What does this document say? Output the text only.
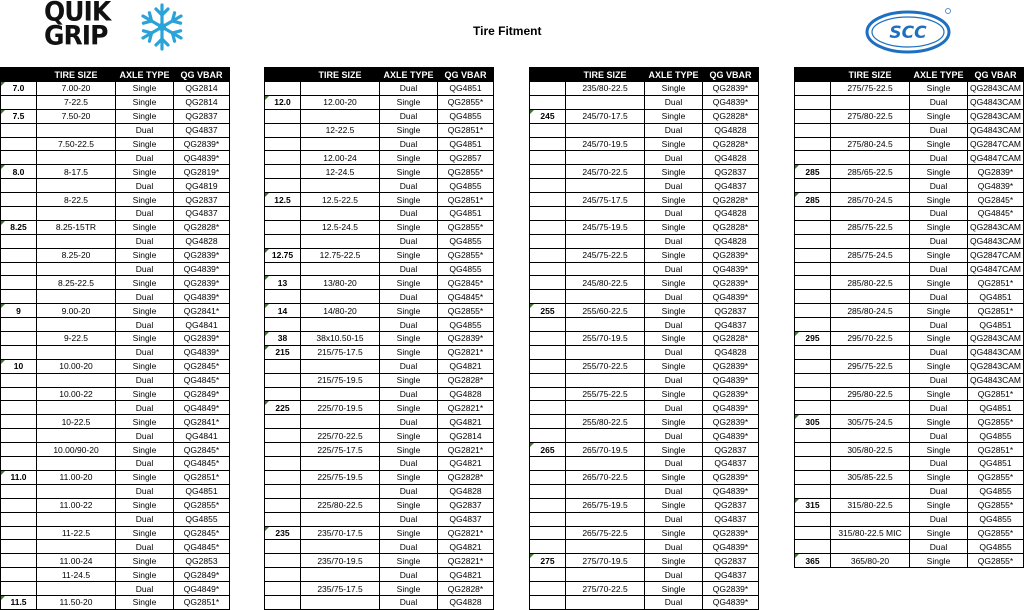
QUIK
GRIP	Tire Fitment	SCC
	TIRE SIZE	AXLE TYPE	QG VBAR
7.0	7.00-20	Single	QG2814
	7-22.5	Single	QG2814
7.5	7.50-20	Single	QG2837
		Dual	QG4837
	7.50-22.5	Single	QG2839*
		Dual	QG4839*
8.0	8-17.5	Single	QG2819*
		Dual	QG4819
	8-22.5	Single	QG2837
		Dual	QG4837
8.25	8.25-15TR	Single	QG2828*
		Dual	QG4828
	8.25-20	Single	QG2839*
		Dual	QG4839*
	8.25-22.5	Single	QG2839*
		Dual	QG4839*
9	9.00-20	Single	QG2841*
		Dual	QG4841
	9-22.5	Single	QG2839*
		Dual	QG4839*
10	10.00-20	Single	QG2845*
		Dual	QG4845*
	10.00-22	Single	QG2849*
		Dual	QG4849*
	10-22.5	Single	QG2841*
		Dual	QG4841
	10.00/90-20	Single	QG2845*
		Dual	QG4845*
11.0	11.00-20	Single	QG2851*
		Dual	QG4851
	11.00-22	Single	QG2855*
		Dual	QG4855
	11-22.5	Single	QG2845*
		Dual	QG4845*
	11.00-24	Single	QG2853
	11-24.5	Single	QG2849*
		Dual	QG4849*
11.5	11.50-20	Single	QG2851*
	TIRE SIZE	AXLE TYPE	QG VBAR
		Dual	QG4851
12.0	12.00-20	Single	QG2855*
		Dual	QG4855
	12-22.5	Single	QG2851*
		Dual	QG4851
	12.00-24	Single	QG2857
	12-24.5	Single	QG2855*
		Dual	QG4855
12.5	12.5-22.5	Single	QG2851*
		Dual	QG4851
	12.5-24.5	Single	QG2855*
		Dual	QG4855
12.75	12.75-22.5	Single	QG2855*
		Dual	QG4855
13	13/80-20	Single	QG2845*
		Dual	QG4845*
14	14/80-20	Single	QG2855*
		Dual	QG4855
38	38x10.50-15	Single	QG2839*
215	215/75-17.5	Single	QG2821*
		Dual	QG4821
	215/75-19.5	Single	QG2828*
		Dual	QG4828
225	225/70-19.5	Single	QG2821*
		Dual	QG4821
	225/70-22.5	Single	QG2814
	225/75-17.5	Single	QG2821*
		Dual	QG4821
	225/75-19.5	Single	QG2828*
		Dual	QG4828
	225/80-22.5	Single	QG2837
		Dual	QG4837
235	235/70-17.5	Single	QG2821*
		Dual	QG4821
	235/70-19.5	Single	QG2821*
		Dual	QG4821
	235/75-17.5	Single	QG2828*
		Dual	QG4828
	TIRE SIZE	AXLE TYPE	QG VBAR
	235/80-22.5	Single	QG2839*
		Dual	QG4839*
245	245/70-17.5	Single	QG2828*
		Dual	QG4828
	245/70-19.5	Single	QG2828*
		Dual	QG4828
	245/70-22.5	Single	QG2837
		Dual	QG4837
	245/75-17.5	Single	QG2828*
		Dual	QG4828
	245/75-19.5	Single	QG2828*
		Dual	QG4828
	245/75-22.5	Single	QG2839*
		Dual	QG4839*
	245/80-22.5	Single	QG2839*
		Dual	QG4839*
255	255/60-22.5	Single	QG2837
		Dual	QG4837
	255/70-19.5	Single	QG2828*
		Dual	QG4828
	255/70-22.5	Single	QG2839*
		Dual	QG4839*
	255/75-22.5	Single	QG2839*
		Dual	QG4839*
	255/80-22.5	Single	QG2839*
		Dual	QG4839*
265	265/70-19.5	Single	QG2837
		Dual	QG4837
	265/70-22.5	Single	QG2839*
		Dual	QG4839*
	265/75-19.5	Single	QG2837
		Dual	QG4837
	265/75-22.5	Single	QG2839*
		Dual	QG4839*
275	275/70-19.5	Single	QG2837
		Dual	QG4837
	275/70-22.5	Single	QG2839*
		Dual	QG4839*
	TIRE SIZE	AXLE TYPE	QG VBAR
	275/75-22.5	Single	QG2843CAM
		Dual	QG4843CAM
	275/80-22.5	Single	QG2843CAM
		Dual	QG4843CAM
	275/80-24.5	Single	QG2847CAM
		Dual	QG4847CAM
285	285/65-22.5	Single	QG2839*
		Dual	QG4839*
285	285/70-24.5	Single	QG2845*
		Dual	QG4845*
	285/75-22.5	Single	QG2843CAM
		Dual	QG4843CAM
	285/75-24.5	Single	QG2847CAM
		Dual	QG4847CAM
	285/80-22.5	Single	QG2851*
		Dual	QG4851
	285/80-24.5	Single	QG2851*
		Dual	QG4851
295	295/70-22.5	Single	QG2843CAM
		Dual	QG4843CAM
	295/75-22.5	Single	QG2843CAM
		Dual	QG4843CAM
	295/80-22.5	Single	QG2851*
		Dual	QG4851
305	305/75-24.5	Single	QG2855*
		Dual	QG4855
	305/80-22.5	Single	QG2851*
		Dual	QG4851
	305/85-22.5	Single	QG2855*
		Dual	QG4855
315	315/80-22.5	Single	QG2855*
		Dual	QG4855
	315/80-22.5 MIC	Single	QG2855*
		Dual	QG4855
365	365/80-20	Single	QG2855*
